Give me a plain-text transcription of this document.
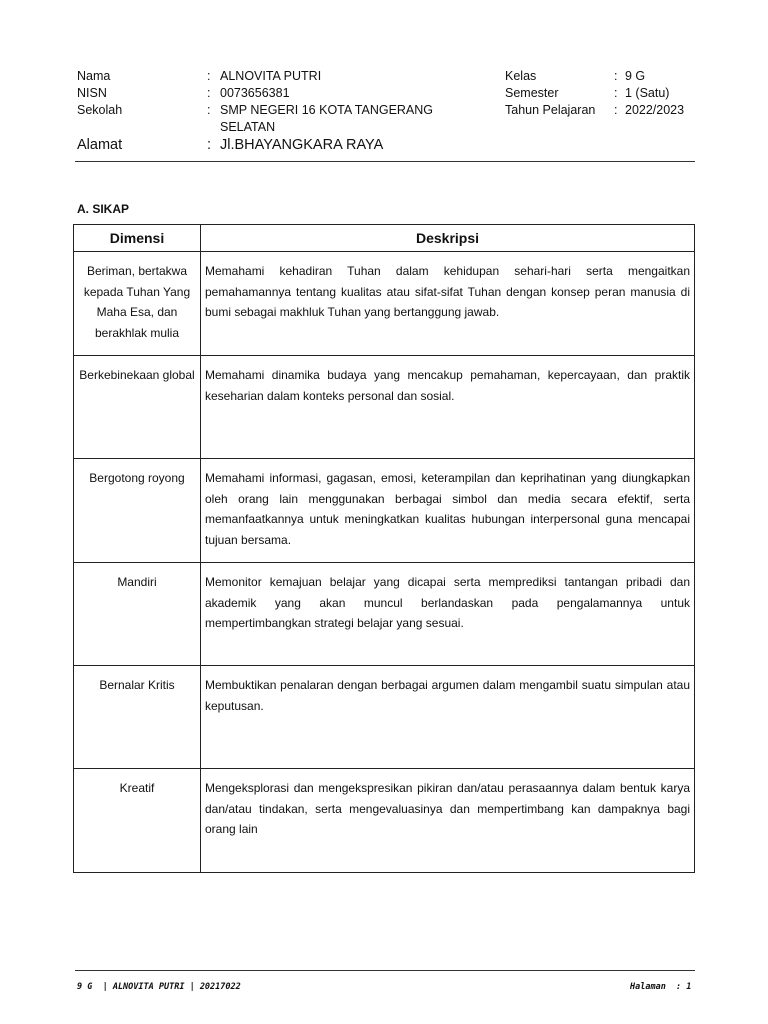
Nama	: ALNOVITA PUTRI
NISN	: 0073656381
Sekolah	: SMP NEGERI 16 KOTA TANGERANG
SELATAN
Alamat	: Jl.BHAYANGKARA RAYA
Kelas	: 9 G
Semester	: 1 (Satu)
Tahun Pelajaran : 2022/2023
A. SIKAP
Dimensi	Deskripsi
Beriman, bertakwa kepada Tuhan Yang Maha Esa, dan berakhlak mulia	Memahami kehadiran Tuhan dalam kehidupan sehari-hari serta mengaitkan pemahamannya tentang kualitas atau sifat-sifat Tuhan dengan konsep peran manusia di bumi sebagai makhluk Tuhan yang bertanggung jawab.
Berkebinekaan global	Memahami dinamika budaya yang mencakup pemahaman, kepercayaan, dan praktik keseharian dalam konteks personal dan sosial.
Bergotong royong	Memahami informasi, gagasan, emosi, keterampilan dan keprihatinan yang diungkapkan oleh orang lain menggunakan berbagai simbol dan media secara efektif, serta memanfaatkannya untuk meningkatkan kualitas hubungan interpersonal guna mencapai tujuan bersama.
Mandiri	Memonitor kemajuan belajar yang dicapai serta memprediksi tantangan pribadi dan akademik yang akan muncul berlandaskan pada pengalamannya untuk mempertimbangkan strategi belajar yang sesuai.
Bernalar Kritis	Membuktikan penalaran dengan berbagai argumen dalam mengambil suatu simpulan atau keputusan.
Kreatif	Mengeksplorasi dan mengekspresikan pikiran dan/atau perasaannya dalam bentuk karya dan/atau tindakan, serta mengevaluasinya dan mempertimbang kan dampaknya bagi orang lain
9 G  | ALNOVITA PUTRI | 20217022	Halaman  : 1
